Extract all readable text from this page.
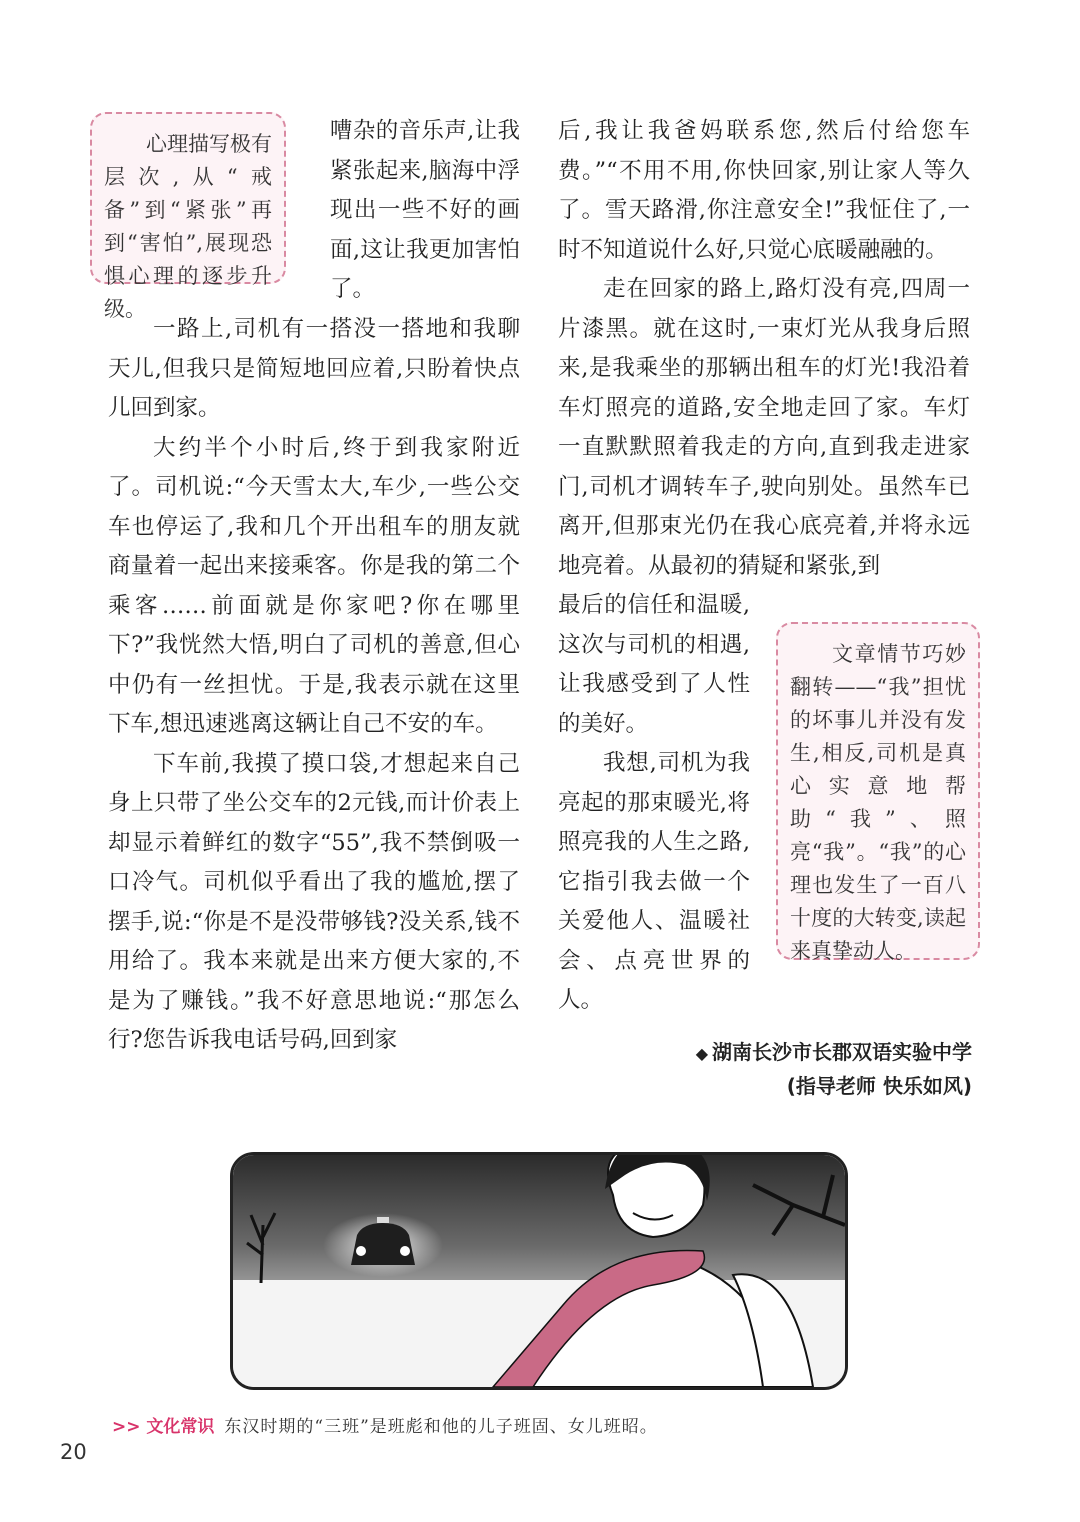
心理描写极有层次,从“戒备”到“紧张”再到“害怕”,展现恐惧心理的逐步升级。

嘈杂的音乐声,让我紧张起来,脑海中浮现出一些不好的画面,这让我更加害怕了。

一路上,司机有一搭没一搭地和我聊天儿,但我只是简短地回应着,只盼着快点儿回到家。

大约半个小时后,终于到我家附近了。司机说:“今天雪太大,车少,一些公交车也停运了,我和几个开出租车的朋友就商量着一起出来接乘客。你是我的第二个乘客……前面就是你家吧?你在哪里下?”我恍然大悟,明白了司机的善意,但心中仍有一丝担忧。于是,我表示就在这里下车,想迅速逃离这辆让自己不安的车。

下车前,我摸了摸口袋,才想起来自己身上只带了坐公交车的2元钱,而计价表上却显示着鲜红的数字“55”,我不禁倒吸一口冷气。司机似乎看出了我的尴尬,摆了摆手,说:“你是不是没带够钱?没关系,钱不用给了。我本来就是出来方便大家的,不是为了赚钱。”我不好意思地说:“那怎么行?您告诉我电话号码,回到家

后,我让我爸妈联系您,然后付给您车费。”“不用不用,你快回家,别让家人等久了。雪天路滑,你注意安全!”我怔住了,一时不知道说什么好,只觉心底暖融融的。

走在回家的路上,路灯没有亮,四周一片漆黑。就在这时,一束灯光从我身后照来,是我乘坐的那辆出租车的灯光!我沿着车灯照亮的道路,安全地走回了家。车灯一直默默照着我走的方向,直到我走进家门,司机才调转车子,驶向别处。虽然车已离开,但那束光仍在我心底亮着,并将永远地亮着。从最初的猜疑和紧张,到

最后的信任和温暖,这次与司机的相遇,让我感受到了人性的美好。

我想,司机为我亮起的那束暖光,将照亮我的人生之路,它指引我去做一个关爱他人、温暖社会、点亮世界的人。

文章情节巧妙翻转——“我”担忧的坏事儿并没有发生,相反,司机是真心实意地帮助“我”、照亮“我”。“我”的心理也发生了一百八十度的大转变,读起来真挚动人。
◆ 湖南长沙市长郡双语实验中学
(指导老师 快乐如风)
>> 文化常识 东汉时期的“三班”是班彪和他的儿子班固、女儿班昭。
20
